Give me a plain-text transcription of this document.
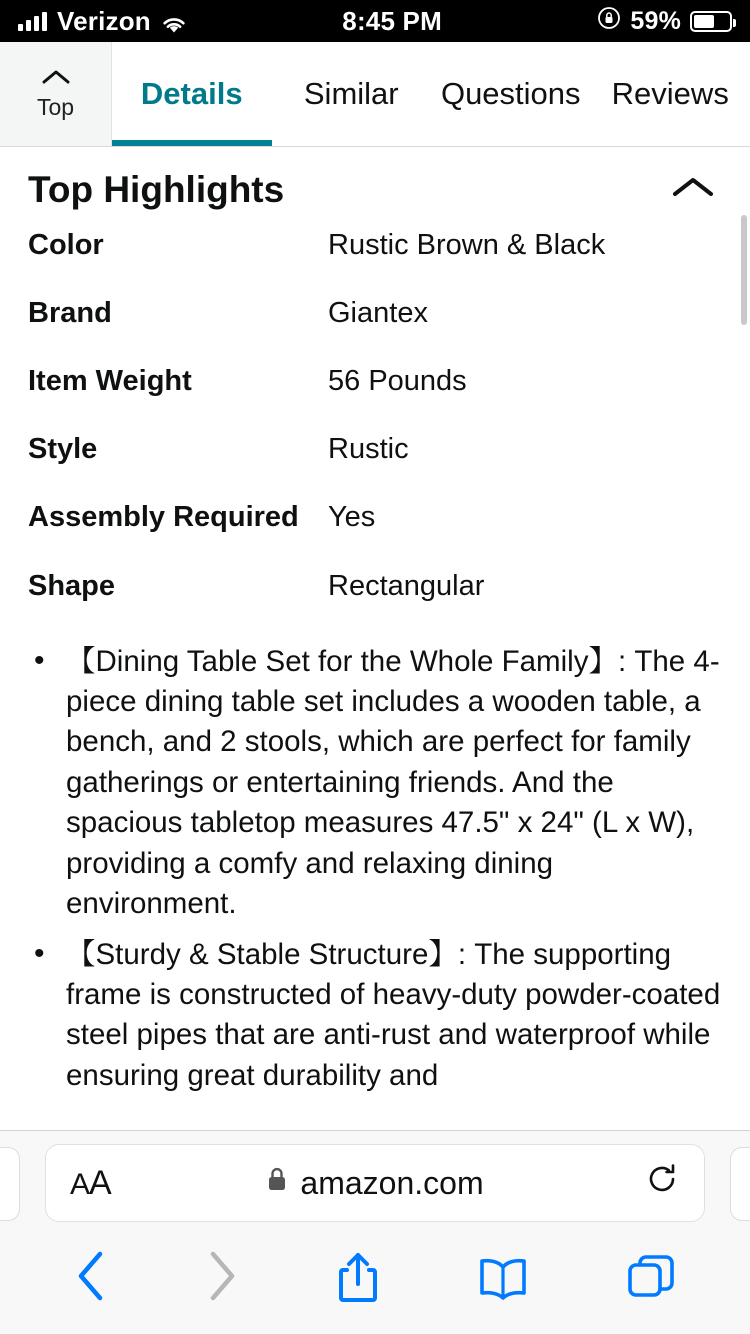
Verizon	8:45 PM	59%
Top	Details	Similar	Questions	Reviews
Top Highlights
Color	Rustic Brown & Black
Brand	Giantex
Item Weight	56 Pounds
Style	Rustic
Assembly Required	Yes
Shape	Rectangular
• 【Dining Table Set for the Whole Family】: The 4-piece dining table set includes a wooden table, a bench, and 2 stools, which are perfect for family gatherings or entertaining friends. And the spacious tabletop measures 47.5" x 24" (L x W), providing a comfy and relaxing dining environment.
• 【Sturdy & Stable Structure】: The supporting frame is constructed of heavy-duty powder-coated steel pipes that are anti-rust and waterproof while ensuring great durability and
AA	amazon.com
